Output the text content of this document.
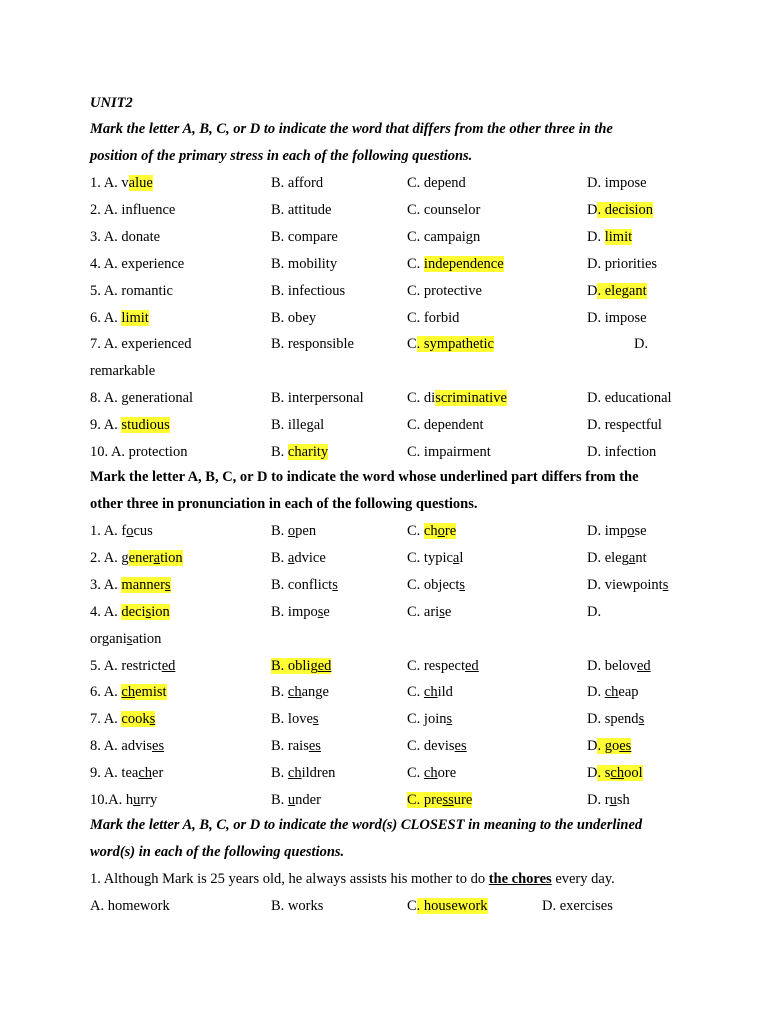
UNIT2
Mark the letter A, B, C, or D to indicate the word that differs from the other three in the
position of the primary stress in each of the following questions.
1. A. value	B. afford	C. depend	D. impose
2. A. influence	B. attitude	C. counselor	D. decision
3. A. donate	B. compare	C. campaign	D. limit
4. A. experience	B. mobility	C. independence	D. priorities
5. A. romantic	B. infectious	C. protective	D. elegant
6. A. limit	B. obey	C. forbid	D. impose
7. A. experienced	B. responsible	C. sympathetic	D.
remarkable
8. A. generational	B. interpersonal	C. discriminative	D. educational
9. A. studious	B. illegal	C. dependent	D. respectful
10. A. protection	B. charity	C. impairment	D. infection
Mark the letter A, B, C, or D to indicate the word whose underlined part differs from the
other three in pronunciation in each of the following questions.
1. A. focus	B. open	C. chore	D. impose
2. A. generation	B. advice	C. typical	D. elegant
3. A. manners	B. conflicts	C. objects	D. viewpoints
4. A. decision	B. impose	C. arise	D.
organisation
5. A. restricted	B. obliged	C. respected	D. beloved
6. A. chemist	B. change	C. child	D. cheap
7. A. cooks	B. loves	C. joins	D. spends
8. A. advises	B. raises	C. devises	D. goes
9. A. teacher	B. children	C. chore	D. school
10.A. hurry	B. under	C. pressure	D. rush
Mark the letter A, B, C, or D to indicate the word(s) CLOSEST in meaning to the underlined
word(s) in each of the following questions.
1. Although Mark is 25 years old, he always assists his mother to do the chores every day.
A. homework	B. works	C. housework	D. exercises
